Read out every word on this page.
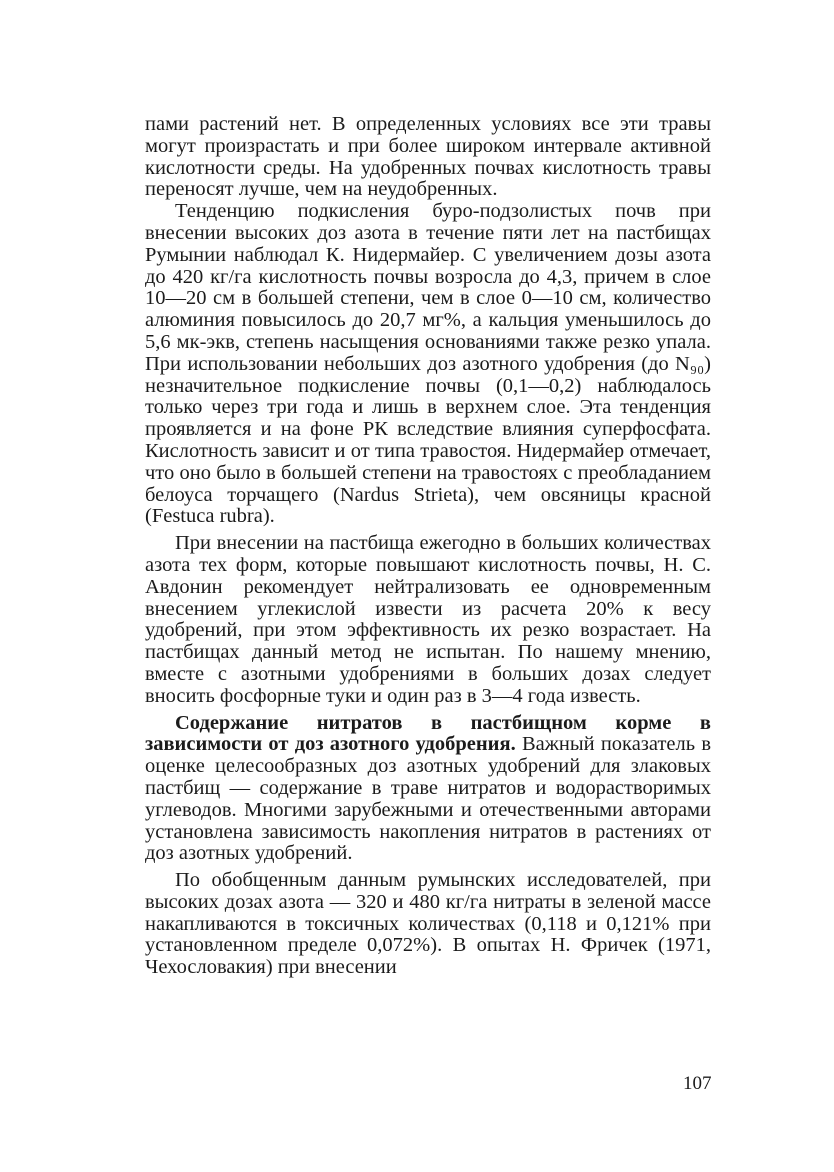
пами растений нет. В определенных условиях все эти травы могут произрастать и при более широком интервале активной кислотности среды. На удобренных почвах кислотность травы переносят лучше, чем на неудобренных.

Тенденцию подкисления буро-подзолистых почв при внесении высоких доз азота в течение пяти лет на пастбищах Румынии наблюдал К. Нидермайер. С увеличением дозы азота до 420 кг/га кислотность почвы возросла до 4,3, причем в слое 10—20 см в большей степени, чем в слое 0—10 см, количество алюминия повысилось до 20,7 мг%, а кальция уменьшилось до 5,6 мк-экв, степень насыщения основаниями также резко упала. При использовании небольших доз азотного удобрения (до N₉₀) незначительное подкисление почвы (0,1—0,2) наблюдалось только через три года и лишь в верхнем слое. Эта тенденция проявляется и на фоне РК вследствие влияния суперфосфата. Кислотность зависит и от типа травостоя. Нидермайер отмечает, что оно было в большей степени на травостоях с преобладанием белоуса торчащего (Nardus Strieta), чем овсяницы красной (Festuca rubra).

При внесении на пастбища ежегодно в больших количествах азота тех форм, которые повышают кислотность почвы, Н. С. Авдонин рекомендует нейтрализовать ее одновременным внесением углекислой извести из расчета 20% к весу удобрений, при этом эффективность их резко возрастает. На пастбищах данный метод не испытан. По нашему мнению, вместе с азотными удобрениями в больших дозах следует вносить фосфорные туки и один раз в 3—4 года известь.

Содержание нитратов в пастбищном корме в зависимости от доз азотного удобрения. Важный показатель в оценке целесообразных доз азотных удобрений для злаковых пастбищ — содержание в траве нитратов и водорастворимых углеводов. Многими зарубежными и отечественными авторами установлена зависимость накопления нитратов в растениях от доз азотных удобрений.

По обобщенным данным румынских исследователей, при высоких дозах азота — 320 и 480 кг/га нитраты в зеленой массе накапливаются в токсичных количествах (0,118 и 0,121% при установленном пределе 0,072%). В опытах Н. Фричек (1971, Чехословакия) при внесении

107
